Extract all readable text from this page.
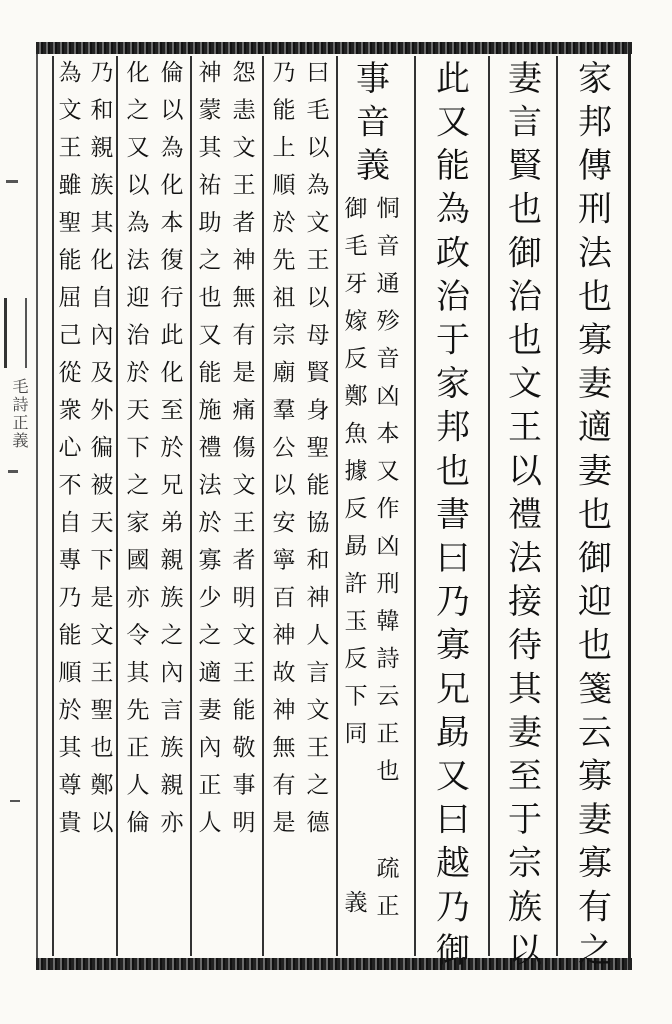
家邦傳刑法也寡妻適妻也御迎也箋云寡妻寡有之
妻言賢也御治也文王以禮法接待其妻至于宗族以
此又能為政治于家邦也書曰乃寡兄勗又曰越乃御
事音義
恫音通殄音凶本又作凶刑韓詩云正也
疏正
御毛牙嫁反鄭魚據反勗許玉反下同
義
曰毛以為文王以母賢身聖能協和神人言文王之德
乃能上順於先祖宗廟羣公以安寧百神故神無有是
怨恚文王者神無有是痛傷文王者明文王能敬事明
神蒙其祐助之也又能施禮法於寡少之適妻內正人
倫以為化本復行此化至於兄弟親族之內言族親亦
化之又以為法迎治於天下之家國亦令其先正人倫
乃和親族其化自內及外徧被天下是文王聖也鄭以
為文王雖聖能屈己從衆心不自專乃能順於其尊貴
毛詩正義
